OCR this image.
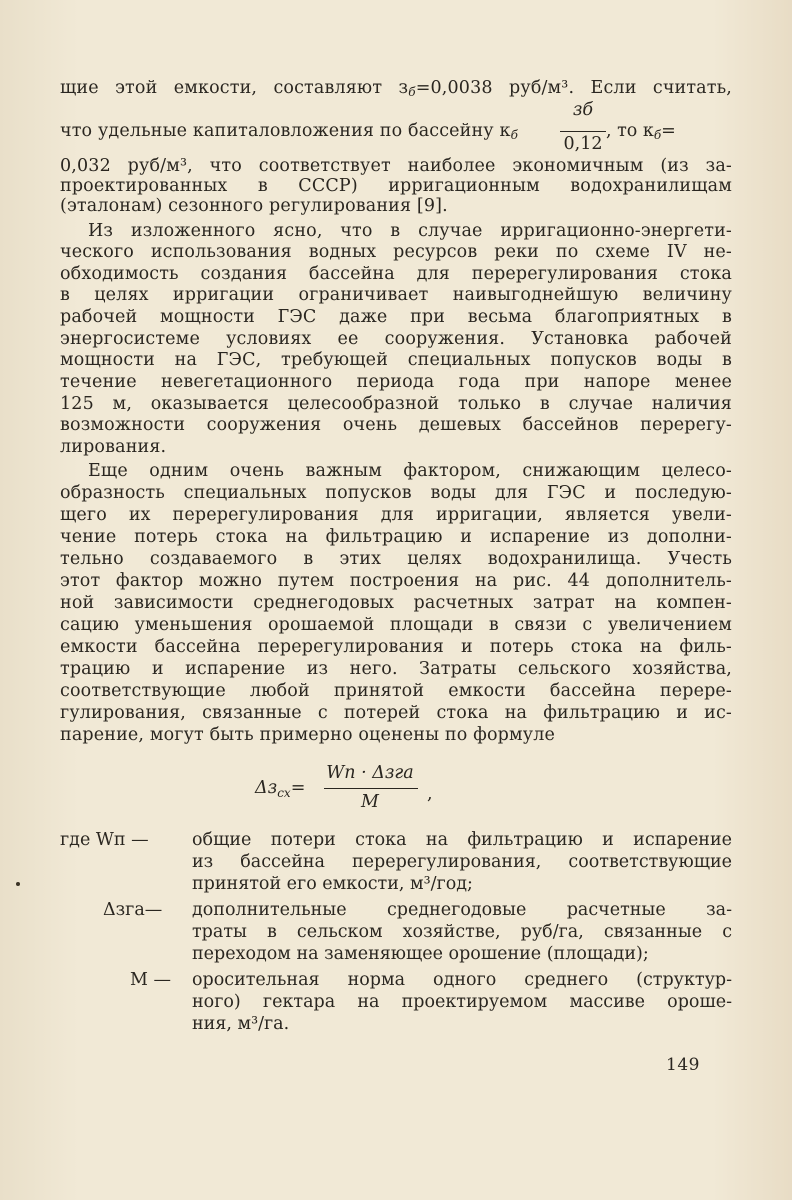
щие этой емкости, составляют зб=0,0038 руб/м³. Если считать,
зб
что удельные капиталовложения по бассейну кб	0,12
, то кб=
0,032 руб/м³, что соответствует наиболее экономичным (из за-
проектированных в СССР) ирригационным водохранилищам
(эталонам) сезонного регулирования [9].
Из изложенного ясно, что в случае ирригационно-энергети-
ческого использования водных ресурсов реки по схеме IV не-
обходимость создания бассейна для перерегулирования стока
в целях ирригации ограничивает наивыгоднейшую величину
рабочей мощности ГЭС даже при весьма благоприятных в
энергосистеме условиях ее сооружения. Установка рабочей
мощности на ГЭС, требующей специальных попусков воды в
течение невегетационного периода года при напоре менее
125 м, оказывается целесообразной только в случае наличия
возможности сооружения очень дешевых бассейнов перерегу-
лирования.
Еще одним очень важным фактором, снижающим целесо-
образность специальных попусков воды для ГЭС и последую-
щего их перерегулирования для ирригации, является увели-
чение потерь стока на фильтрацию и испарение из дополни-
тельно создаваемого в этих целях водохранилища. Учесть
этот фактор можно путем построения на рис. 44 дополнитель-
ной зависимости среднегодовых расчетных затрат на компен-
сацию уменьшения орошаемой площади в связи с увеличением
емкости бассейна перерегулирования и потерь стока на филь-
трацию и испарение из него. Затраты сельского хозяйства,
соответствующие любой принятой емкости бассейна перере-
гулирования, связанные с потерей стока на фильтрацию и ис-
парение, могут быть примерно оценены по формуле
$\Delta з_{сх}=$
Wп · Δзга
М	,
где Wп — общие потери стока на фильтрацию и испарение
из бассейна перерегулирования, соответствующие
принятой его емкости, м³/год;
Δзга— дополнительные среднегодовые расчетные за-
траты в сельском хозяйстве, руб/га, связанные с
переходом на заменяющее орошение (площади);
М — оросительная норма одного среднего (структур-
ного) гектара на проектируемом массиве ороше-
ния, м³/га.
149
